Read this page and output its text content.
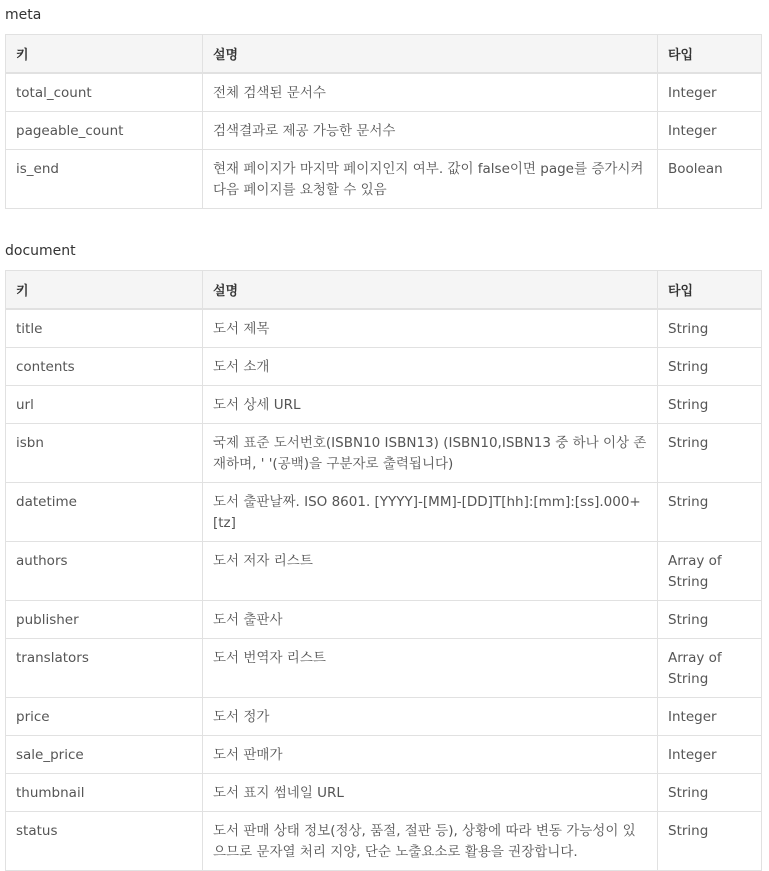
meta
키	설명	타입
total_count	전체 검색된 문서수	Integer
pageable_count	검색결과로 제공 가능한 문서수	Integer
is_end	현재 페이지가 마지막 페이지인지 여부. 값이 false이면 page를 증가시켜 다음 페이지를 요청할 수 있음	Boolean
document
키	설명	타입
title	도서 제목	String
contents	도서 소개	String
url	도서 상세 URL	String
isbn	국제 표준 도서번호(ISBN10 ISBN13) (ISBN10,ISBN13 중 하나 이상 존재하며, ' '(공백)을 구분자로 출력됩니다)	String
datetime	도서 출판날짜. ISO 8601. [YYYY]-[MM]-[DD]T[hh]:[mm]:[ss].000+[tz]	String
authors	도서 저자 리스트	Array of String
publisher	도서 출판사	String
translators	도서 번역자 리스트	Array of String
price	도서 정가	Integer
sale_price	도서 판매가	Integer
thumbnail	도서 표지 썸네일 URL	String
status	도서 판매 상태 정보(정상, 품절, 절판 등), 상황에 따라 변동 가능성이 있으므로 문자열 처리 지양, 단순 노출요소로 활용을 권장합니다.	String
